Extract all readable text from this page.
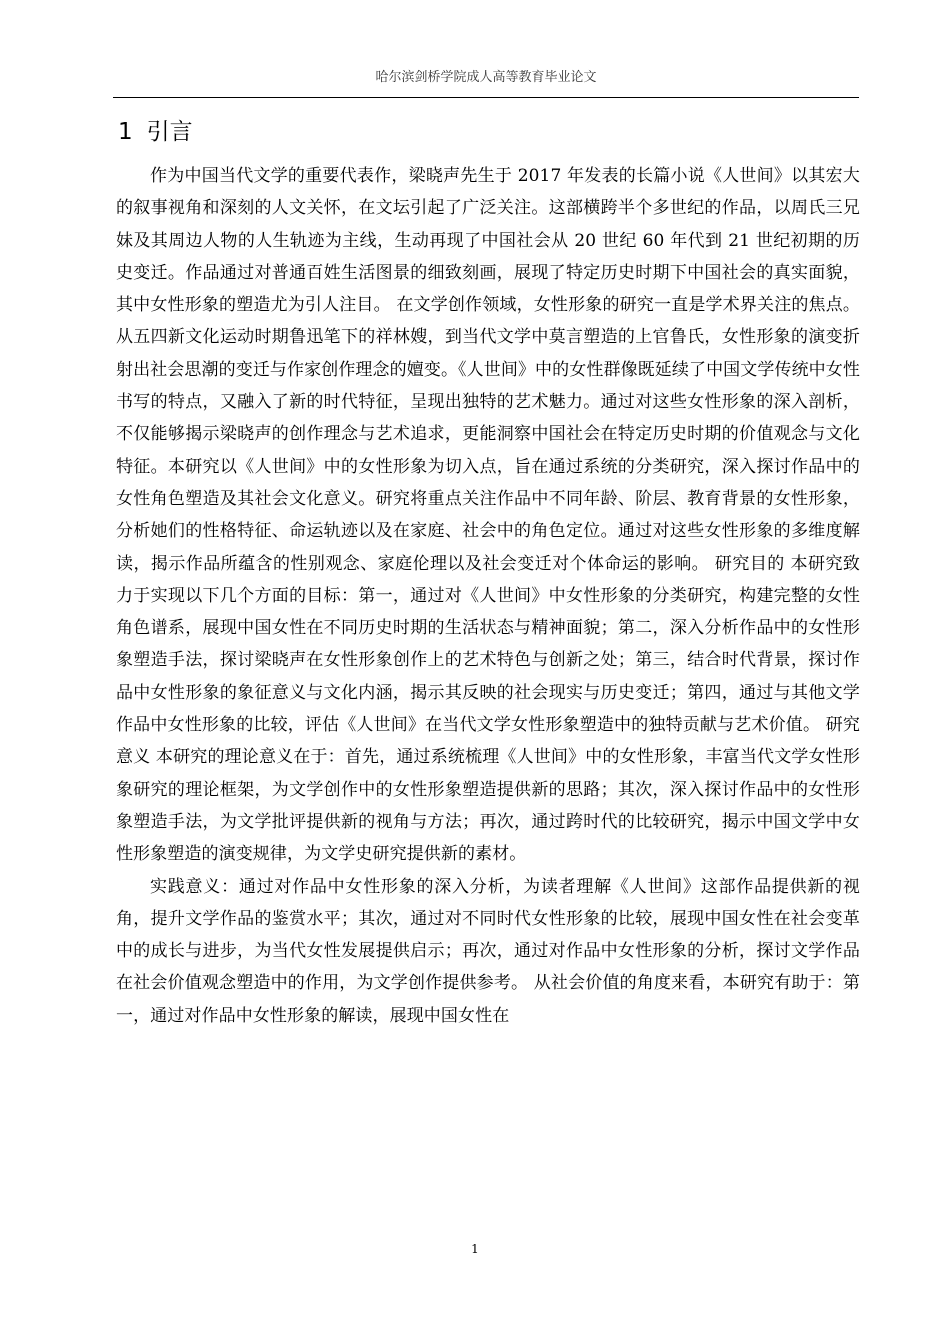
哈尔滨剑桥学院成人高等教育毕业论文
1 引言

作为中国当代文学的重要代表作，梁晓声先生于 2017 年发表的长篇小说《人世间》以其宏大的叙事视角和深刻的人文关怀，在文坛引起了广泛关注。这部横跨半个多世纪的作品，以周氏三兄妹及其周边人物的人生轨迹为主线，生动再现了中国社会从 20 世纪 60 年代到 21 世纪初期的历史变迁。作品通过对普通百姓生活图景的细致刻画，展现了特定历史时期下中国社会的真实面貌，其中女性形象的塑造尤为引人注目。 在文学创作领域，女性形象的研究一直是学术界关注的焦点。从五四新文化运动时期鲁迅笔下的祥林嫂，到当代文学中莫言塑造的上官鲁氏，女性形象的演变折射出社会思潮的变迁与作家创作理念的嬗变。《人世间》中的女性群像既延续了中国文学传统中女性书写的特点，又融入了新的时代特征，呈现出独特的艺术魅力。通过对这些女性形象的深入剖析，不仅能够揭示梁晓声的创作理念与艺术追求，更能洞察中国社会在特定历史时期的价值观念与文化特征。本研究以《人世间》中的女性形象为切入点，旨在通过系统的分类研究，深入探讨作品中的女性角色塑造及其社会文化意义。研究将重点关注作品中不同年龄、阶层、教育背景的女性形象，分析她们的性格特征、命运轨迹以及在家庭、社会中的角色定位。通过对这些女性形象的多维度解读，揭示作品所蕴含的性别观念、家庭伦理以及社会变迁对个体命运的影响。 研究目的 本研究致力于实现以下几个方面的目标：第一，通过对《人世间》中女性形象的分类研究，构建完整的女性角色谱系，展现中国女性在不同历史时期的生活状态与精神面貌；第二，深入分析作品中的女性形象塑造手法，探讨梁晓声在女性形象创作上的艺术特色与创新之处；第三，结合时代背景，探讨作品中女性形象的象征意义与文化内涵，揭示其反映的社会现实与历史变迁；第四，通过与其他文学作品中女性形象的比较，评估《人世间》在当代文学女性形象塑造中的独特贡献与艺术价值。 研究意义 本研究的理论意义在于：首先，通过系统梳理《人世间》中的女性形象，丰富当代文学女性形象研究的理论框架，为文学创作中的女性形象塑造提供新的思路；其次，深入探讨作品中的女性形象塑造手法，为文学批评提供新的视角与方法；再次，通过跨时代的比较研究，揭示中国文学中女性形象塑造的演变规律，为文学史研究提供新的素材。

实践意义：通过对作品中女性形象的深入分析，为读者理解《人世间》这部作品提供新的视角，提升文学作品的鉴赏水平；其次，通过对不同时代女性形象的比较，展现中国女性在社会变革中的成长与进步，为当代女性发展提供启示；再次，通过对作品中女性形象的分析，探讨文学作品在社会价值观念塑造中的作用，为文学创作提供参考。 从社会价值的角度来看，本研究有助于：第一，通过对作品中女性形象的解读，展现中国女性在

1
